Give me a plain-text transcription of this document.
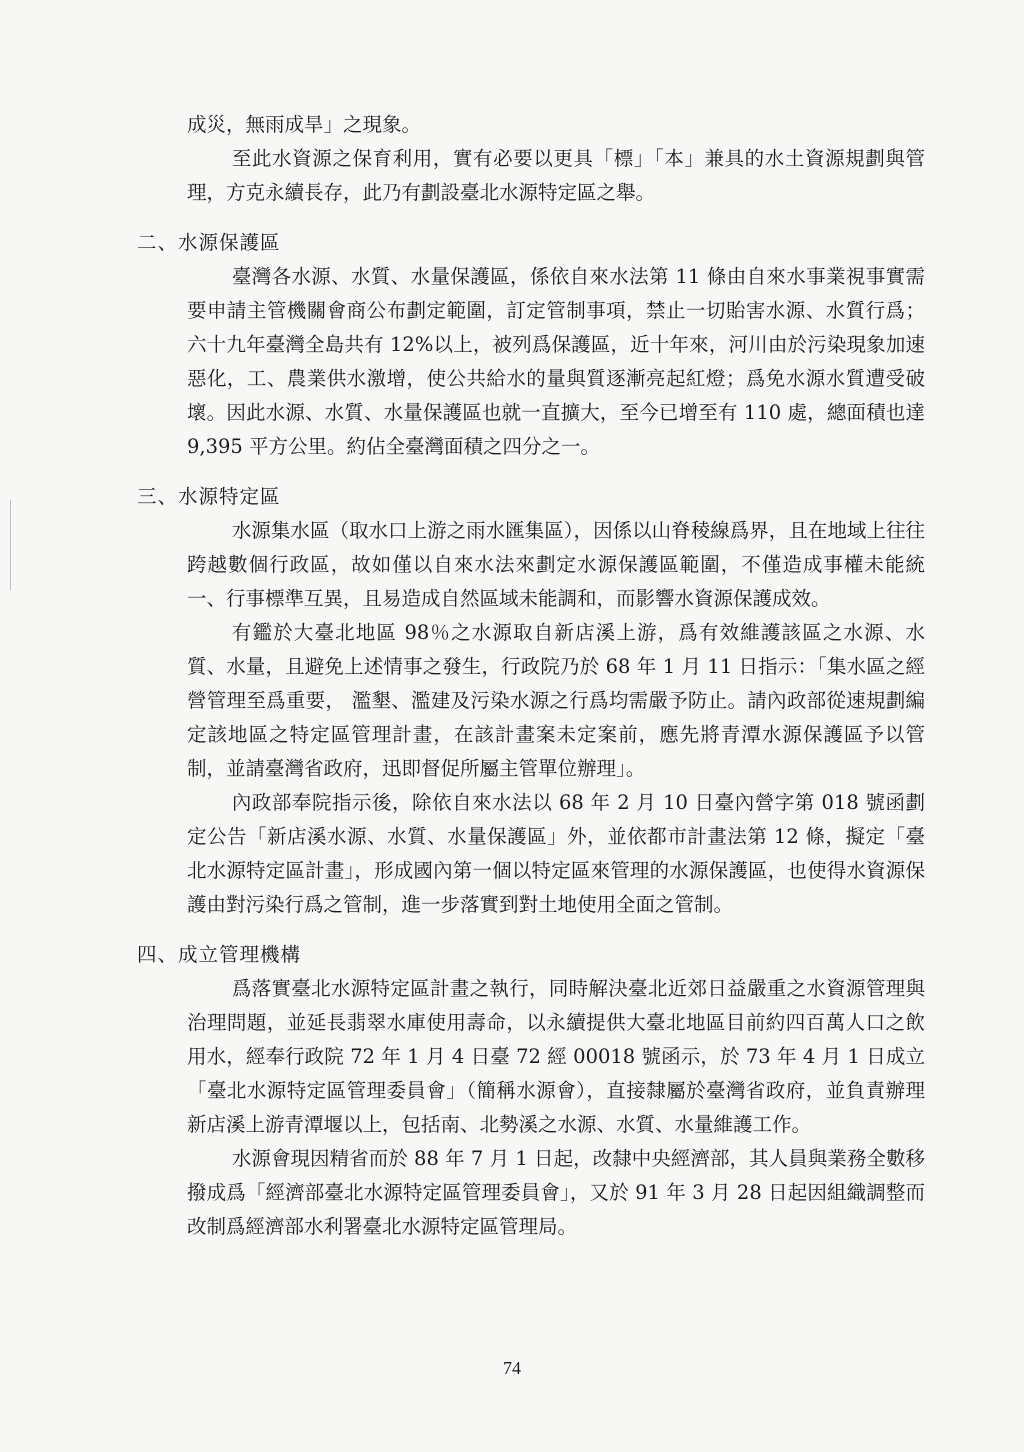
成災，無雨成旱」之現象。

至此水資源之保育利用，實有必要以更具「標」「本」兼具的水土資源規劃與管理，方克永續長存，此乃有劃設臺北水源特定區之舉。

二、水源保護區

臺灣各水源、水質、水量保護區，係依自來水法第 11 條由自來水事業視事實需要申請主管機關會商公布劃定範圍，訂定管制事項，禁止一切貽害水源、水質行爲；六十九年臺灣全島共有 12%以上，被列爲保護區，近十年來，河川由於污染現象加速惡化，工、農業供水激增，使公共給水的量與質逐漸亮起紅燈；爲免水源水質遭受破壞。因此水源、水質、水量保護區也就一直擴大，至今已增至有 110 處，總面積也達 9,395 平方公里。約佔全臺灣面積之四分之一。

三、水源特定區

水源集水區（取水口上游之雨水匯集區），因係以山脊稜線爲界，且在地域上往往跨越數個行政區，故如僅以自來水法來劃定水源保護區範圍，不僅造成事權未能統一、行事標準互異，且易造成自然區域未能調和，而影響水資源保護成效。

有鑑於大臺北地區 98％之水源取自新店溪上游，爲有效維護該區之水源、水質、水量，且避免上述情事之發生，行政院乃於 68 年 1 月 11 日指示：「集水區之經營管理至爲重要， 濫墾、濫建及污染水源之行爲均需嚴予防止。請內政部從速規劃編定該地區之特定區管理計畫，在該計畫案未定案前，應先將青潭水源保護區予以管制，並請臺灣省政府，迅即督促所屬主管單位辦理」。

內政部奉院指示後，除依自來水法以 68 年 2 月 10 日臺內營字第 018 號函劃定公告「新店溪水源、水質、水量保護區」外，並依都市計畫法第 12 條，擬定「臺北水源特定區計畫」，形成國內第一個以特定區來管理的水源保護區，也使得水資源保護由對污染行爲之管制，進一步落實到對土地使用全面之管制。

四、成立管理機構

爲落實臺北水源特定區計畫之執行，同時解決臺北近郊日益嚴重之水資源管理與治理問題，並延長翡翠水庫使用壽命，以永續提供大臺北地區目前約四百萬人口之飲用水，經奉行政院 72 年 1 月 4 日臺 72 經 00018 號函示，於 73 年 4 月 1 日成立「臺北水源特定區管理委員會」（簡稱水源會），直接隸屬於臺灣省政府，並負責辦理新店溪上游青潭堰以上，包括南、北勢溪之水源、水質、水量維護工作。

水源會現因精省而於 88 年 7 月 1 日起，改隸中央經濟部，其人員與業務全數移撥成爲「經濟部臺北水源特定區管理委員會」，又於 91 年 3 月 28 日起因組織調整而改制爲經濟部水利署臺北水源特定區管理局。

74
